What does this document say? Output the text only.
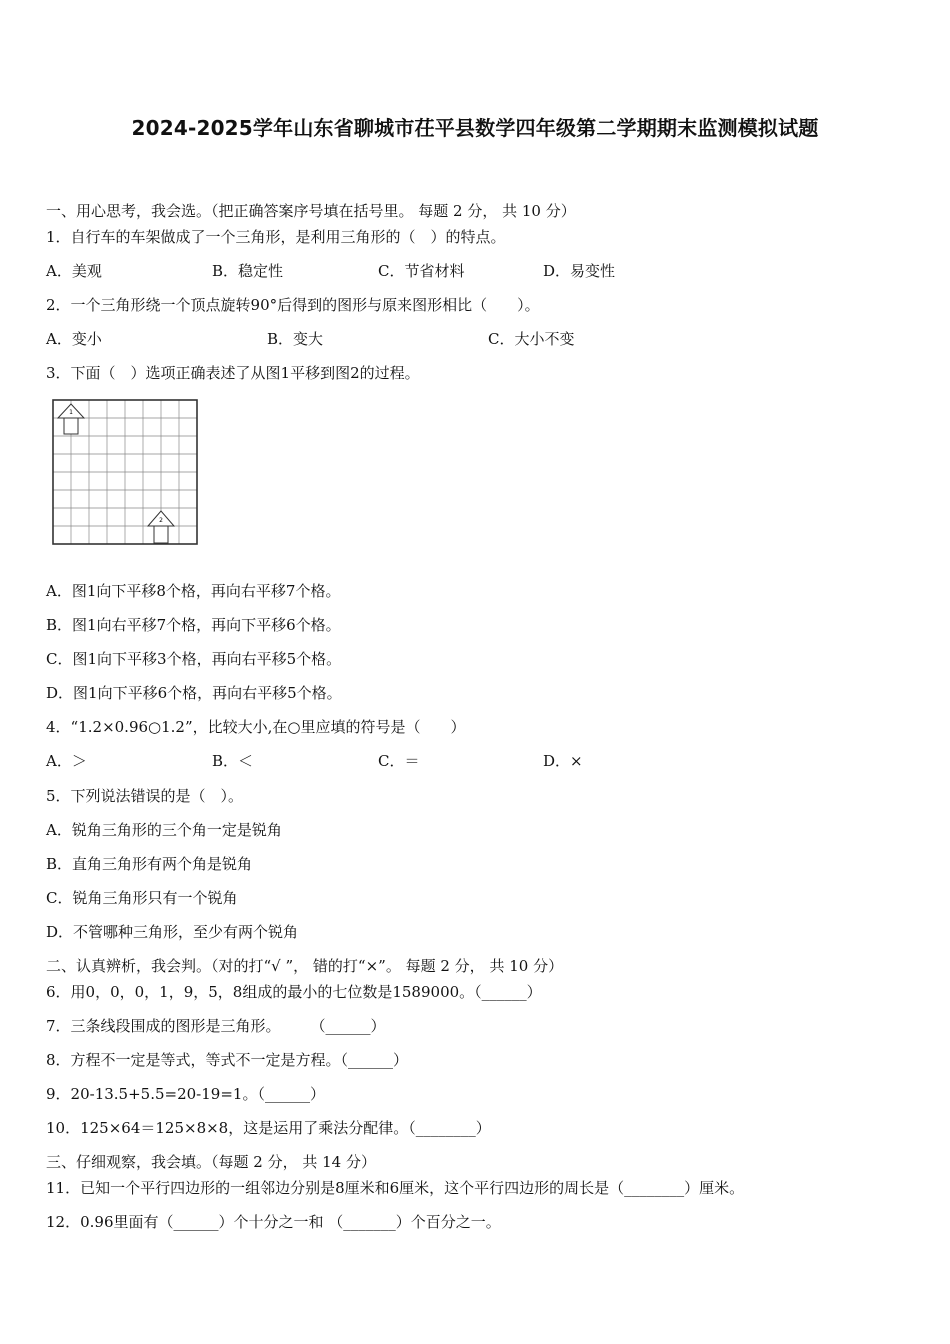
2024-2025学年山东省聊城市茌平县数学四年级第二学期期末监测模拟试题
一、用心思考，我会选。（把正确答案序号填在括号里。 每题 2 分， 共 10 分）
1．自行车的车架做成了一个三角形，是利用三角形的（　）的特点。
A．美观	B．稳定性	C．节省材料	D．易变性
2．一个三角形绕一个顶点旋转90°后得到的图形与原来图形相比（　　）。
A．变小	B．变大	C．大小不变
3．下面（　）选项正确表述了从图1平移到图2的过程。
1
2
A．图1向下平移8个格，再向右平移7个格。
B．图1向右平移7个格，再向下平移6个格。
C．图1向下平移3个格，再向右平移5个格。
D．图1向下平移6个格，再向右平移5个格。
4．“1.2×0.96○1.2”，比较大小,在○里应填的符号是（　　）
A．＞	B．＜	C．＝	D．×
5．下列说法错误的是（　）。
A．锐角三角形的三个角一定是锐角
B．直角三角形有两个角是锐角
C．锐角三角形只有一个锐角
D．不管哪种三角形，至少有两个锐角
二、认真辨析，我会判。（对的打“√ ”， 错的打“×”。 每题 2 分， 共 10 分）
6．用0，0，0，1，9，5，8组成的最小的七位数是1589000。（______）
7．三条线段围成的图形是三角形。　　　（______）
8．方程不一定是等式，等式不一定是方程。（______）
9．20-13.5+5.5=20-19=1。（______）
10．125×64＝125×8×8，这是运用了乘法分配律。（________）
三、仔细观察，我会填。（每题 2 分， 共 14 分）
11．已知一个平行四边形的一组邻边分别是8厘米和6厘米，这个平行四边形的周长是（________）厘米。
12．0.96里面有（______）个十分之一和 （_______）个百分之一。
